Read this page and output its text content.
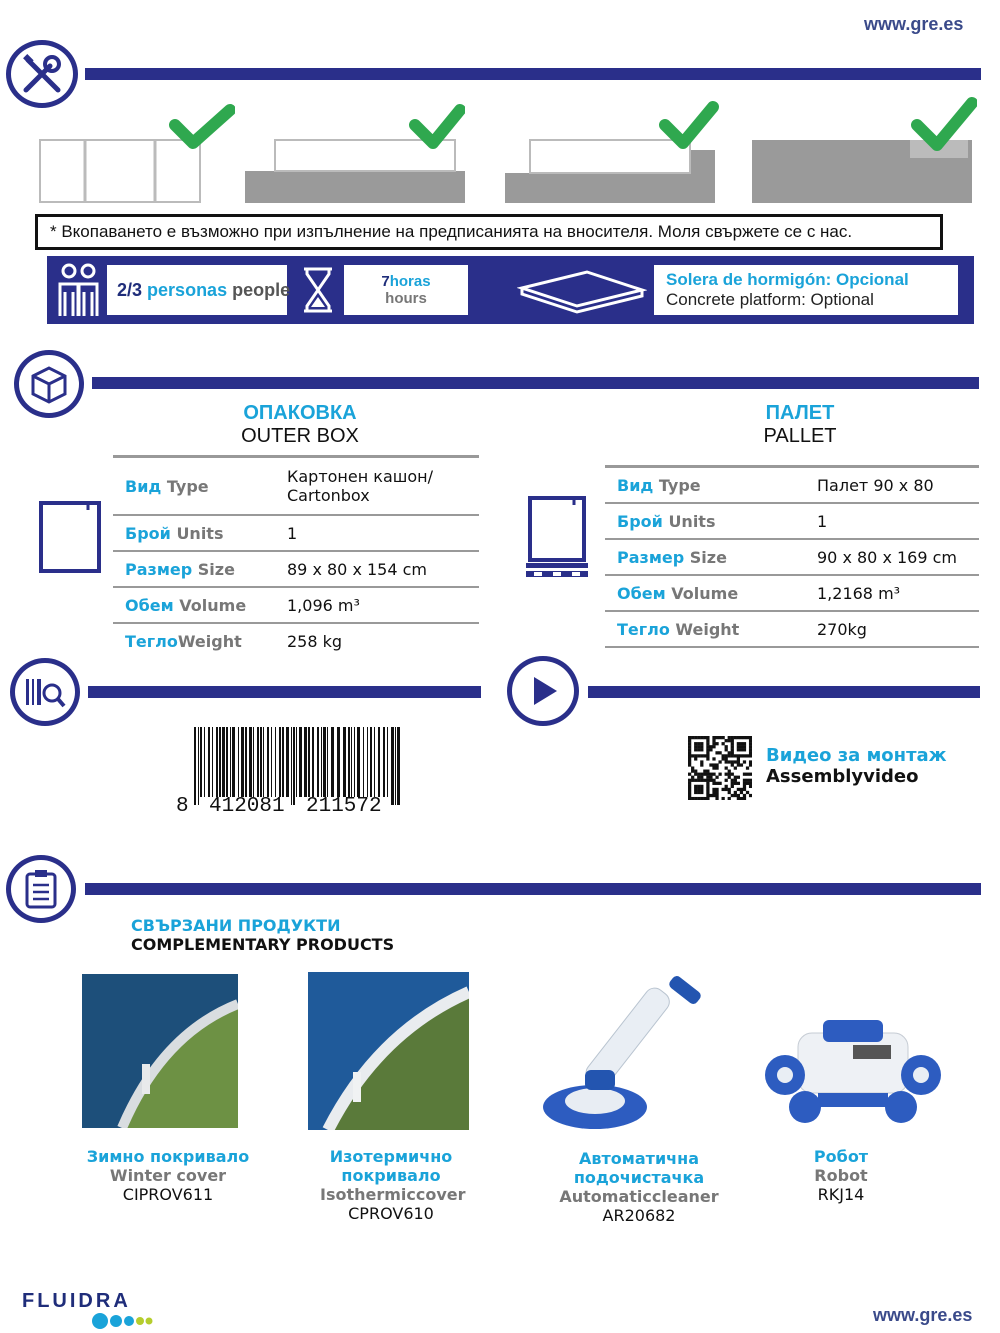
www.gre.es
* Вкопаването е възможно при изпълнение на предписанията на вносителя. Моля свържете се с нас.
2/3
personas
people	7horas
hours
Solera de hormigón: Opcional
Concrete platform: Optional
ОПАКОВКА
OUTER BOX
ПАЛЕТ
PALLET
Вид Type	Картонен кашон/ Cartonbox
Брой Units	1
Размер Size	89 x 80 x 154 cm
Обем Volume	1,096 m³
ТеглоWeight	258 kg
Вид Type	Палет 90 x 80
Брой Units	1
Размер Size	90 x 80 x 169 cm
Обем Volume	1,2168 m³
Тегло Weight	270kg
8 412081 211572
Видео за монтаж
Assemblyvideo
СВЪРЗАНИ ПРОДУКТИ
COMPLEMENTARY PRODUCTS
Зимно покривало
Winter cover
CIPROV611
Изотермично покривало
Isothermiccover
CPROV610
Автоматична подочистачка
Automaticcleaner
AR20682
Робот
Robot
RKJ14
FLUIDRA
www.gre.es
